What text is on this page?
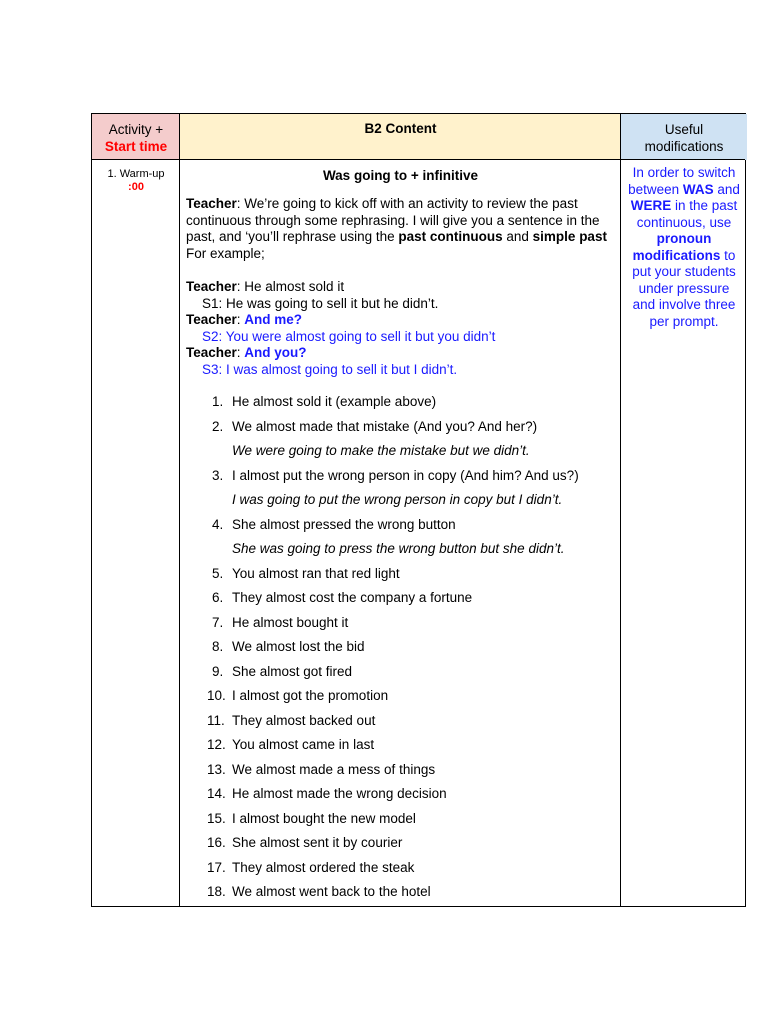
Activity +
Start time
B2 Content	Useful
modifications
1. Warm-up
:00
Was going to + infinitive
Teacher: We’re going to kick off with an activity to review the past continuous through some rephrasing. I will give you a sentence in the past, and ‘you’ll rephrase using the past continuous and simple past For example;
Teacher: He almost sold it
S1: He was going to sell it but he didn’t.
Teacher: And me?
S2: You were almost going to sell it but you didn’t
Teacher: And you?
S3: I was almost going to sell it but I didn’t.
1. He almost sold it (example above)
2. We almost made that mistake (And you? And her?)
We were going to make the mistake but we didn’t.
3. I almost put the wrong person in copy (And him? And us?)
I was going to put the wrong person in copy but I didn’t.
4. She almost pressed the wrong button
She was going to press the wrong button but she didn’t.
5. You almost ran that red light
6. They almost cost the company a fortune
7. He almost bought it
8. We almost lost the bid
9. She almost got fired
10. I almost got the promotion
11. They almost backed out
12. You almost came in last
13. We almost made a mess of things
14. He almost made the wrong decision
15. I almost bought the new model
16. She almost sent it by courier
17. They almost ordered the steak
18. We almost went back to the hotel
In order to switch between WAS and WERE in the past continuous, use pronoun modifications to put your students under pressure and involve three per prompt.
